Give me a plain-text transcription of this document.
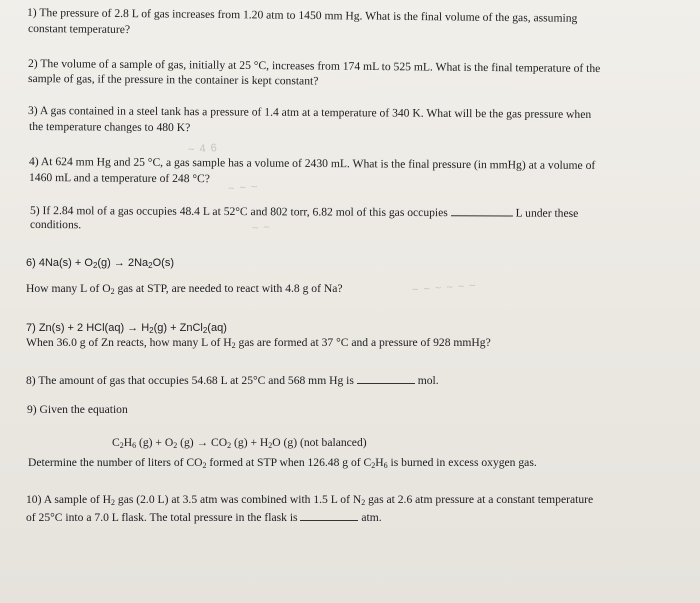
~ 4 6
~ ~ ~
~ ~ ~ ~ ~ ~
~ ~
1) The pressure of 2.8 L of gas increases from 1.20 atm to 1450 mm Hg. What is the final volume of the gas, assuming
constant temperature?
2) The volume of a sample of gas, initially at 25 °C, increases from 174 mL to 525 mL. What is the final temperature of the
sample of gas, if the pressure in the container is kept constant?
3) A gas contained in a steel tank has a pressure of 1.4 atm at a temperature of 340 K. What will be the gas pressure when
the temperature changes to 480 K?
4) At 624 mm Hg and 25 °C, a gas sample has a volume of 2430 mL. What is the final pressure (in mmHg) at a volume of
1460 mL and a temperature of 248 °C?
5) If 2.84 mol of a gas occupies 48.4 L at 52°C and 802 torr, 6.82 mol of this gas occupies	L under these
conditions.
6) $4Na(s) + O_2(g) \to 2Na_2O(s)$
How many L of $O_2$ gas at STP, are needed to react with 4.8 g of Na?
7) Zn(s) + 2 $HCl(aq) \to H_2(g)$ + ZnCl$_2$(aq)
When 36.0 g of Zn reacts, how many L of $H_2$ gas are formed at 37 °C and a pressure of 928 mmHg?
8) The amount of gas that occupies 54.68 L at 25°C and 568 mm Hg is	mol.
9) Given the equation
$C_2H_6$ $(g) + O_2$ $(g) \to CO_2$ $(g) + H_2O$ (g) (not balanced)
Determine the number of liters of $CO_2$ formed at STP when 126.48 g of $C_2H_6$ is burned in excess oxygen gas.
10) A sample of $H_2$ gas (2.0 L) at 3.5 atm was combined with 1.5 L of $N_2$ gas at 2.6 atm pressure at a constant temperature
of 25°C into a 7.0 L flask. The total pressure in the flask is	atm.
